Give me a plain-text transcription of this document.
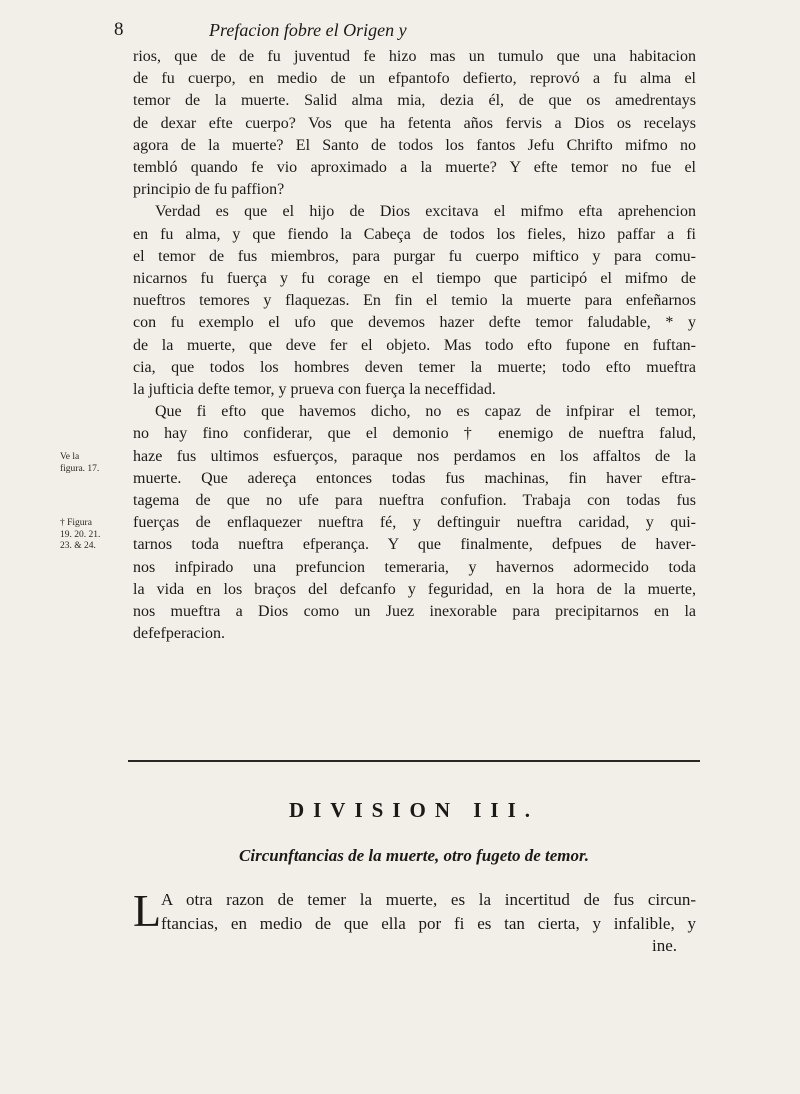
8	Prefacion fobre el Origen y

rios, que de de fu juventud fe hizo mas un tumulo que una habitacion
de fu cuerpo, en medio de un efpantofo defierto, reprovó a fu alma el
temor de la muerte. Salid alma mia, dezia él, de que os amedrentays
de dexar efte cuerpo? Vos que ha fetenta años fervis a Dios os recelays
agora de la muerte? El Santo de todos los fantos Jefu Chrifto mifmo no
tembló quando fe vio aproximado a la muerte? Y efte temor no fue el
principio de fu paffion?

Verdad es que el hijo de Dios excitava el mifmo efta aprehencion
en fu alma, y que fiendo la Cabeça de todos los fieles, hizo paffar a fi
el temor de fus miembros, para purgar fu cuerpo miftico y para comu-
nicarnos fu fuerça y fu corage en el tiempo que participó el mifmo de
nueftros temores y flaquezas. En fin el temio la muerte para enfeñarnos
con fu exemplo el ufo que devemos hazer defte temor faludable, * y
de la muerte, que deve fer el objeto. Mas todo efto fupone en fuftan-
cia, que todos los hombres deven temer la muerte; todo efto mueftra
la jufticia defte temor, y prueva con fuerça la neceffidad.

Que fi efto que havemos dicho, no es capaz de infpirar el temor,
no hay fino confiderar, que el demonio † enemigo de nueftra falud,
haze fus ultimos esfuerços, paraque nos perdamos en los affaltos de la
muerte. Que adereça entonces todas fus machinas, fin haver eftra-
tagema de que no ufe para nueftra confufion. Trabaja con todas fus
fuerças de enflaquezer nueftra fé, y deftinguir nueftra caridad, y qui-
tarnos toda nueftra efperança. Y que finalmente, defpues de haver-
nos infpirado una prefuncion temeraria, y havernos adormecido toda
la vida en los braços del defcanfo y feguridad, en la hora de la muerte,
nos mueftra a Dios como un Juez inexorable para precipitarnos en la
defefperacion.

Ve la
figura. 17.
† Figura
19. 20. 21.
23. & 24.
DIVISION III.
Circunftancias de la muerte, otro fugeto de temor.
L A otra razon de temer la muerte, es la incertitud de fus circun-
ftancias, en medio de que ella por fi es tan cierta, y infalible, y
ine.
